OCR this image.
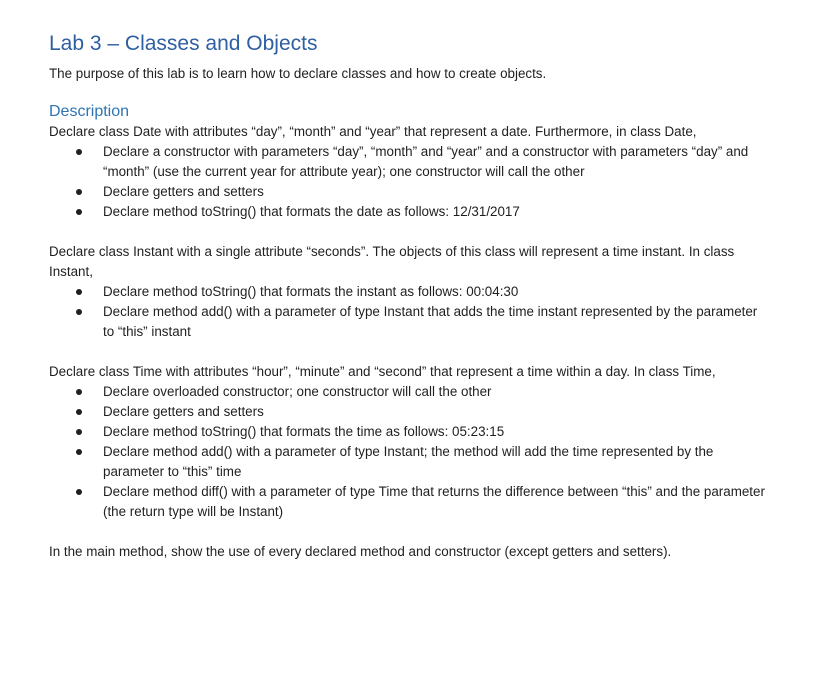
Lab 3 – Classes and Objects

The purpose of this lab is to learn how to declare classes and how to create objects.

Description

Declare class Date with attributes “day”, “month” and “year” that represent a date. Furthermore, in class Date,

Declare a constructor with parameters “day”, “month” and “year” and a constructor with parameters “day” and “month” (use the current year for attribute year); one constructor will call the other
Declare getters and setters
Declare method toString() that formats the date as follows: 12/31/2017

Declare class Instant with a single attribute “seconds”. The objects of this class will represent a time instant. In class Instant,

Declare method toString() that formats the instant as follows: 00:04:30
Declare method add() with a parameter of type Instant that adds the time instant represented by the parameter to “this” instant

Declare class Time with attributes “hour”, “minute” and “second” that represent a time within a day. In class Time,

Declare overloaded constructor; one constructor will call the other
Declare getters and setters
Declare method toString() that formats the time as follows: 05:23:15
Declare method add() with a parameter of type Instant; the method will add the time represented by the parameter to “this” time
Declare method diff() with a parameter of type Time that returns the difference between “this” and the parameter (the return type will be Instant)

In the main method, show the use of every declared method and constructor (except getters and setters).
